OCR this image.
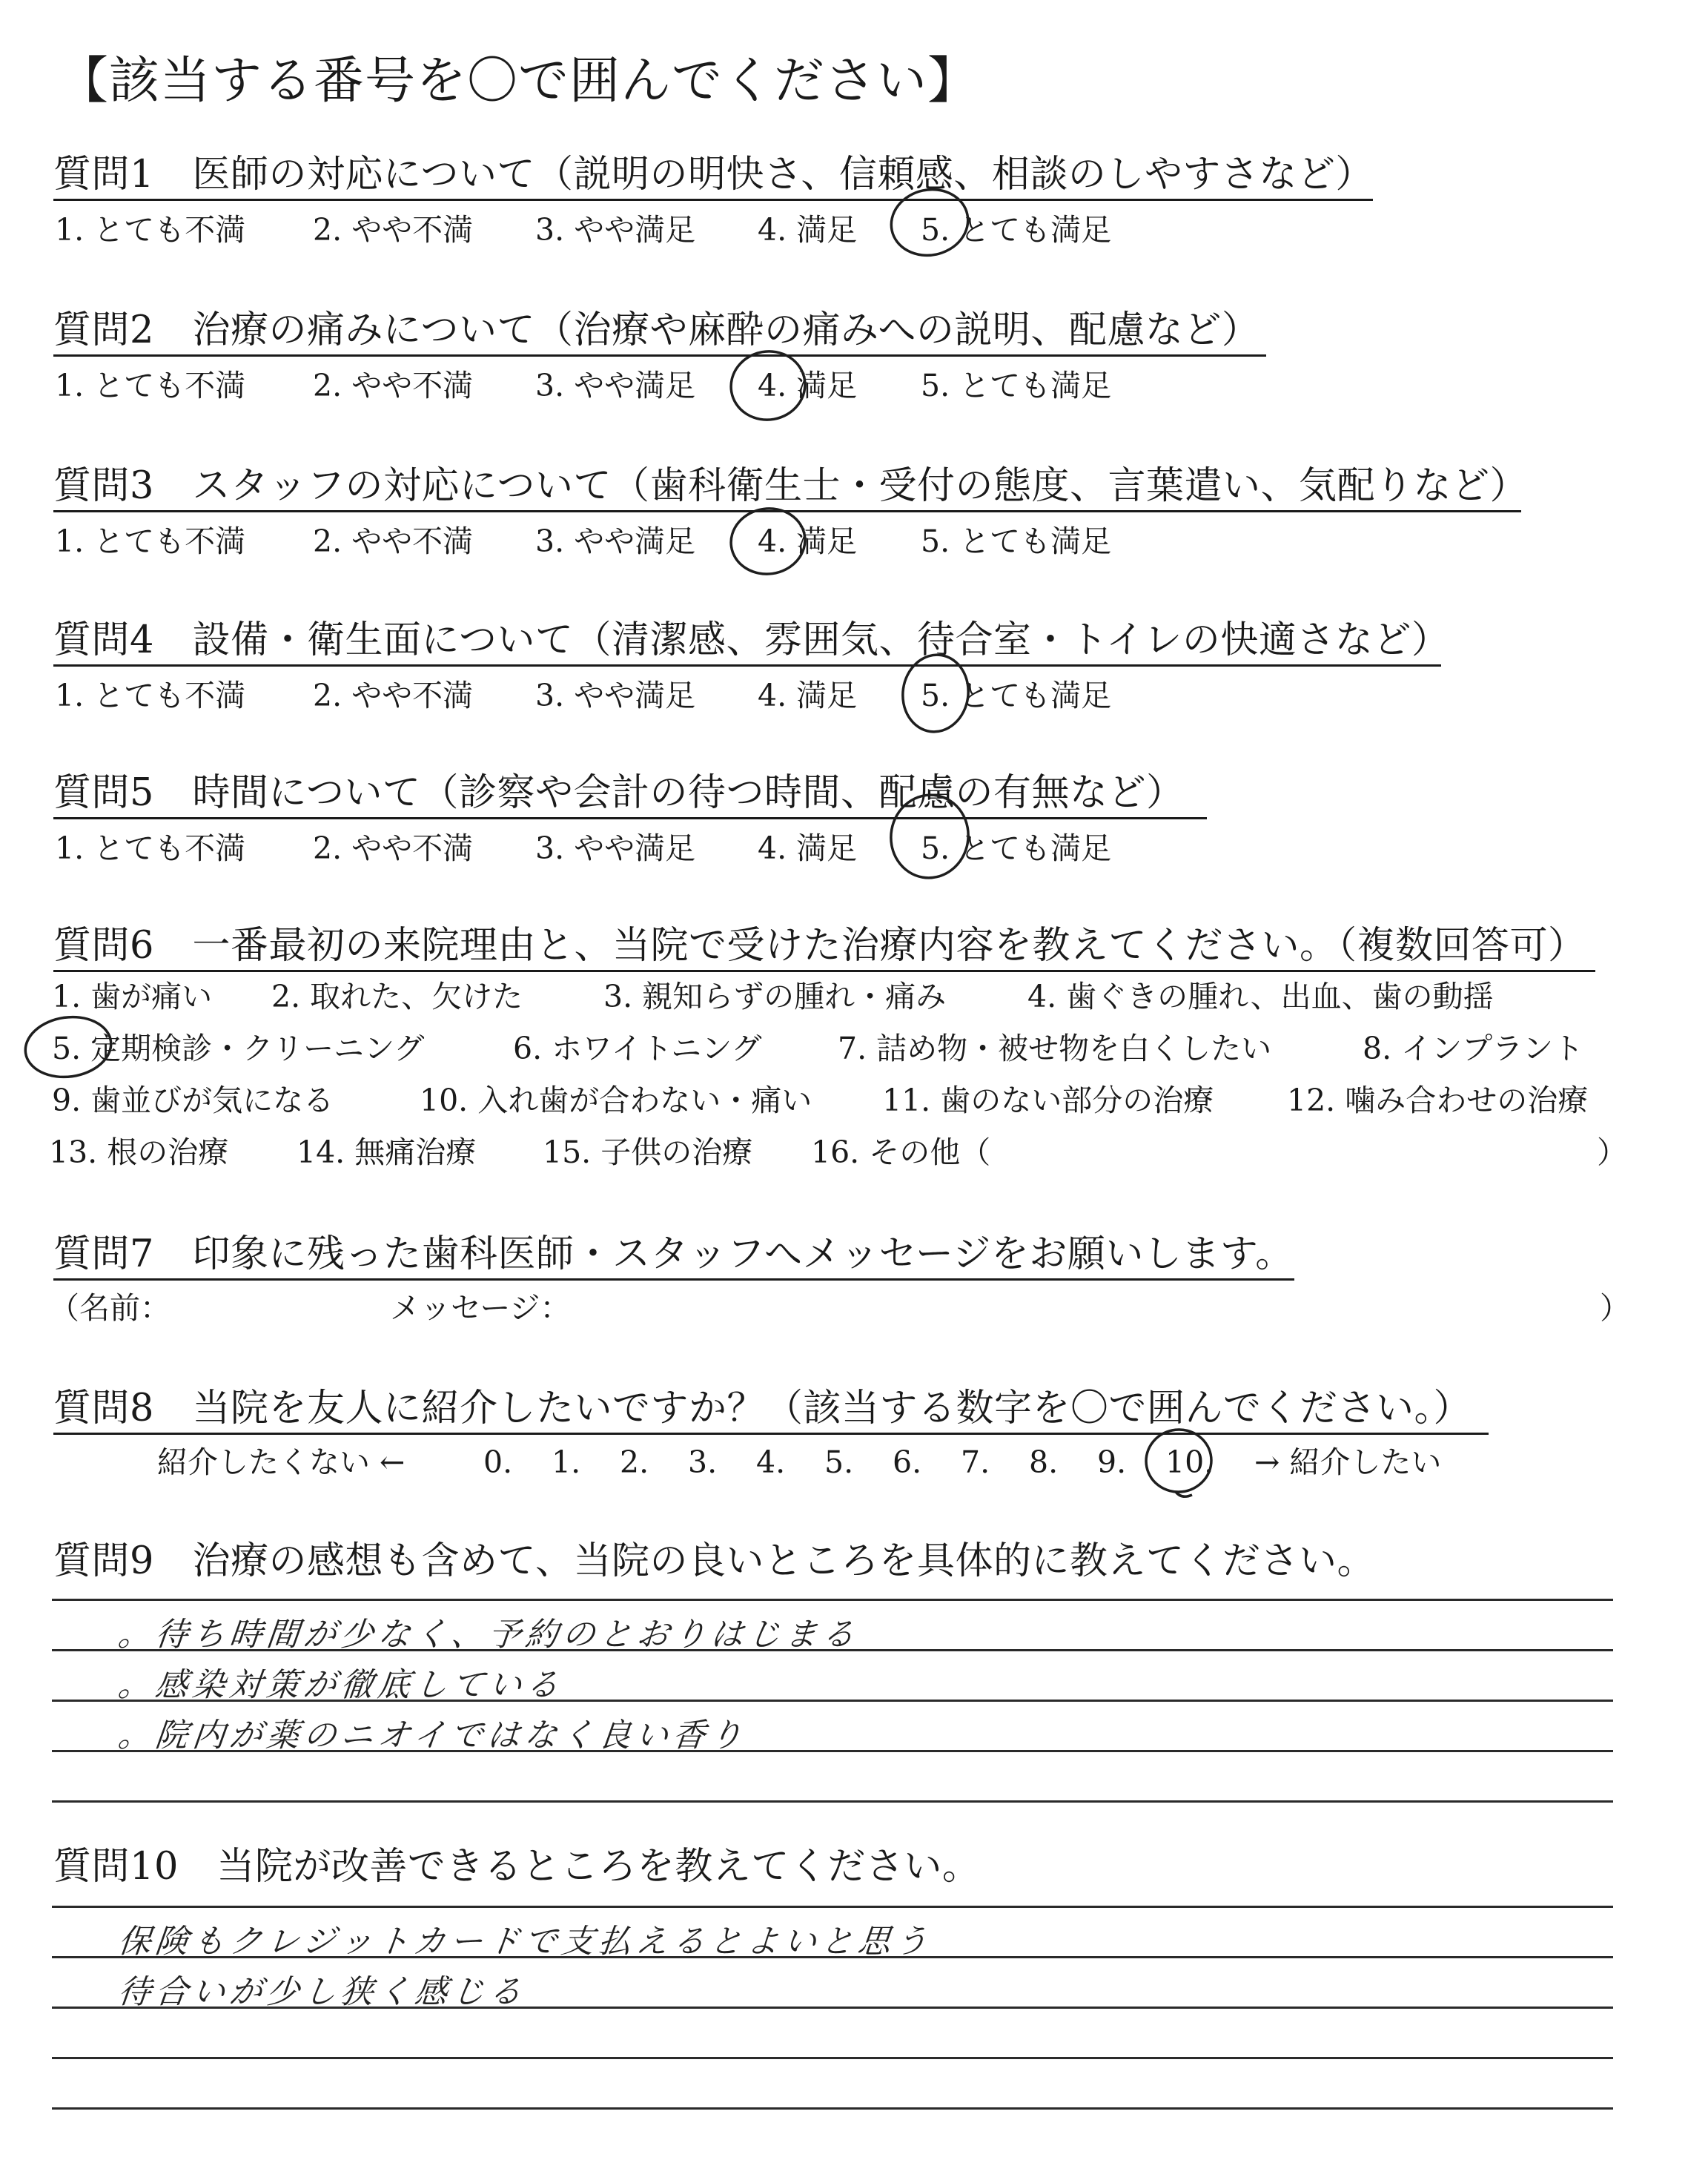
【該当する番号を〇で囲んでください】
質問1　 医師の対応について（説明の明快さ、信頼感、相談のしやすさなど）
1. とても不満 2. やや不満 3. やや満足 4. 満足 5. とても満足
質問2　 治療の痛みについて（治療や麻酔の痛みへの説明、配慮など）
1. とても不満 2. やや不満 3. やや満足 4. 満足 5. とても満足
質問3　 スタッフの対応について（歯科衛生士・受付の態度、言葉遣い、気配りなど）
1. とても不満 2. やや不満 3. やや満足 4. 満足 5. とても満足
質問4　 設備・衛生面について（清潔感、雰囲気、待合室・トイレの快適さなど）
1. とても不満 2. やや不満 3. やや満足 4. 満足 5. とても満足
質問5　 時間について（診察や会計の待つ時間、配慮の有無など）
1. とても不満 2. やや不満 3. やや満足 4. 満足 5. とても満足
質問6　 一番最初の来院理由と、当院で受けた治療内容を教えてください。（複数回答可）
1. 歯が痛い 2. 取れた、欠けた	3. 親知らずの腫れ・痛み	4. 歯ぐきの腫れ、出血、歯の動揺
5. 定期検診・クリーニング	6. ホワイトニング	7. 詰め物・被せ物を白くしたい	8. インプラント
9. 歯並びが気になる	10. 入れ歯が合わない・痛い 11. 歯のない部分の治療 12. 噛み合わせの治療
13. 根の治療 14. 無痛治療 15. 子供の治療 16. その他（	）
質問7　 印象に残った歯科医師・スタッフへメッセージをお願いします。
（名前：	メッセージ：	）
質問8　 当院を友人に紹介したいですか？（該当する数字を〇で囲んでください。）
紹介したくない ←	0. 1. 2. 3. 4. 5. 6. 7. 8. 9. 10. → 紹介したい
質問9　 治療の感想も含めて、当院の良いところを具体的に教えてください。
。待ち時間が少なく、予約のとおりはじまる
。感染対策が徹底している
。院内が薬のニオイではなく良い香り
質問10　 当院が改善できるところを教えてください。
保険もクレジットカードで支払えるとよいと思う
待合いが少し狭く感じる
